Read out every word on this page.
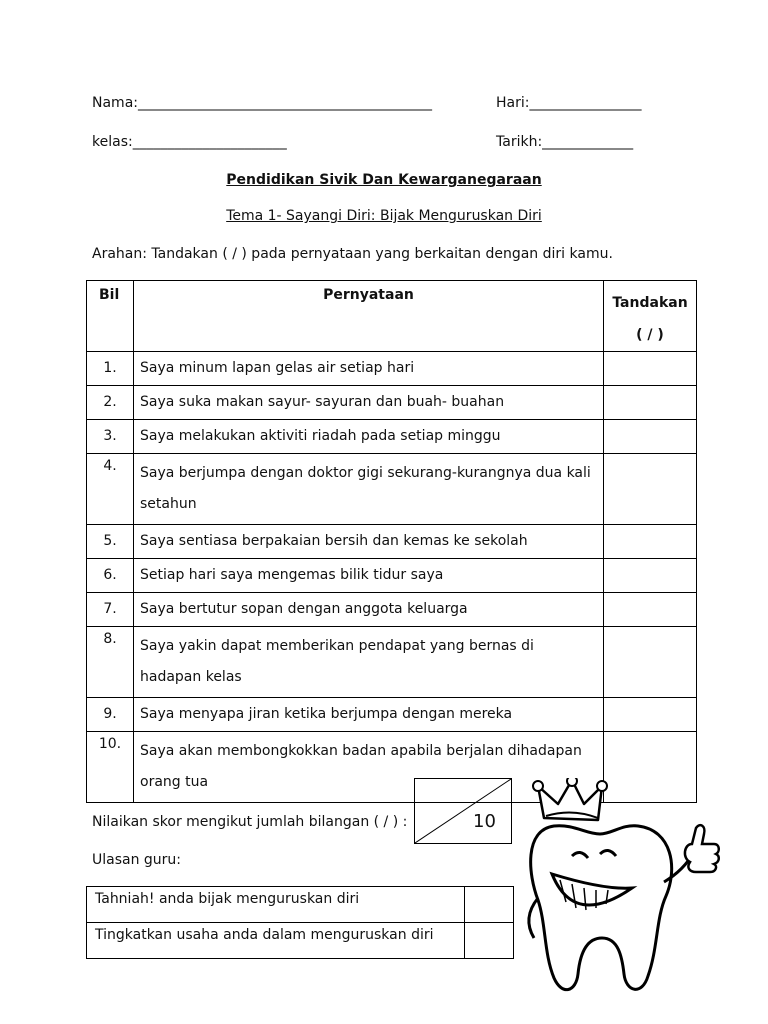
Nama:__________________________________________	Hari:________________
kelas:______________________	Tarikh:_____________
Pendidikan Sivik Dan Kewarganegaraan
Tema 1- Sayangi Diri: Bijak Menguruskan Diri
Arahan: Tandakan ( / ) pada pernyataan yang berkaitan dengan diri kamu.
Bil	Pernyataan	Tandakan
( / )

1.	Saya minum lapan gelas air setiap hari	
2.	Saya suka makan sayur- sayuran dan buah- buahan	
3.	Saya melakukan aktiviti riadah pada setiap minggu	
4.	Saya berjumpa dengan doktor gigi sekurang-kurangnya dua kali setahun	
5.	Saya sentiasa berpakaian bersih dan kemas ke sekolah	
6.	Setiap hari saya mengemas bilik tidur saya	
7.	Saya bertutur sopan dengan anggota keluarga	
8.	Saya yakin dapat memberikan pendapat yang bernas di hadapan kelas	
9.	Saya menyapa jiran ketika berjumpa dengan mereka	
10.	Saya akan membongkokkan badan apabila berjalan dihadapan orang tua	
Nilaikan skor mengikut jumlah bilangan ( / ) :	10
Ulasan guru:
Tahniah! anda bijak menguruskan diri	
Tingkatkan usaha anda dalam menguruskan diri	
